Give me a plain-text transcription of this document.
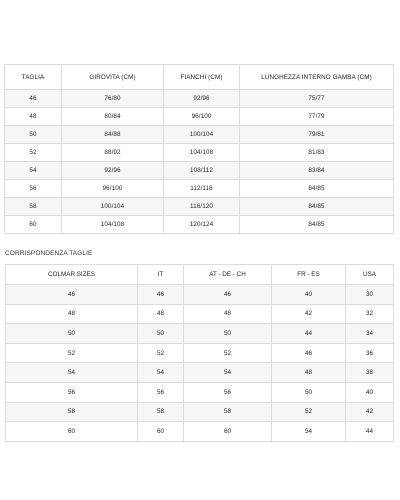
TAGLIA	GIROVITA (CM)	FIANCHI (CM)	LUNGHEZZA INTERNO GAMBA (CM)
46	76/80	92/96	75/77
48	80/84	96/100	77/79
50	84/88	100/104	79/81
52	88/92	104/108	81/83
54	92/96	108/112	83/84
56	96/100	112/116	84/85
58	100/104	116/120	84/85
60	104/108	120/124	84/85
CORRISPONDENZA TAGLIE
COLMAR SIZES	IT	AT - DE - CH	FR - ES	USA
46	46	46	40	30
48	48	48	42	32
50	50	50	44	34
52	52	52	46	36
54	54	54	48	38
56	56	56	50	40
58	58	58	52	42
60	60	60	54	44
